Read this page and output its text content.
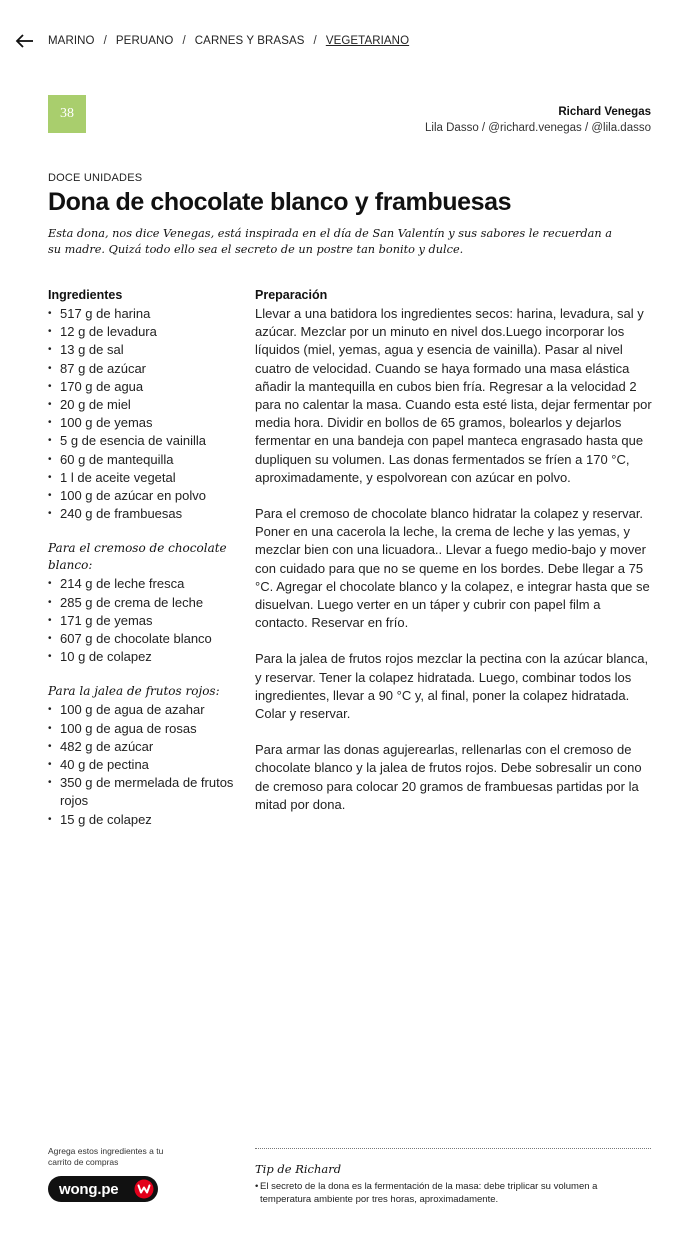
MARINO / PERUANO / CARNES Y BRASAS / VEGETARIANO
38	Richard Venegas
Lila Dasso / @richard.venegas / @lila.dasso
DOCE UNIDADES
Dona de chocolate blanco y frambuesas

Esta dona, nos dice Venegas, está inspirada en el día de San Valentín y sus sabores le recuerdan a su madre. Quizá todo ello sea el secreto de un postre tan bonito y dulce.

Ingredientes
• 517 g de harina
• 12 g de levadura
• 13 g de sal
• 87 g de azúcar
• 170 g de agua
• 20 g de miel
• 100 g de yemas
• 5 g de esencia de vainilla
• 60 g de mantequilla
• 1 l de aceite vegetal
• 100 g de azúcar en polvo
• 240 g de frambuesas
Para el cremoso de chocolate blanco:
• 214 g de leche fresca
• 285 g de crema de leche
• 171 g de yemas
• 607 g de chocolate blanco
• 10 g de colapez
Para la jalea de frutos rojos:
• 100 g de agua de azahar
• 100 g de agua de rosas
• 482 g de azúcar
• 40 g de pectina
• 350 g de mermelada de frutos rojos
• 15 g de colapez
Preparación

Llevar a una batidora los ingredientes secos: harina, levadura, sal y azúcar. Mezclar por un minuto en nivel dos.Luego incorporar los líquidos (miel, yemas, agua y esencia de vainilla). Pasar al nivel cuatro de velocidad. Cuando se haya formado una masa elástica añadir la mantequilla en cubos bien fría. Regresar a la velocidad 2 para no calentar la masa. Cuando esta esté lista, dejar fermentar por media hora. Dividir en bollos de 65 gramos, bolearlos y dejarlos fermentar en una bandeja con papel manteca engrasado hasta que dupliquen su volumen. Las donas fermentados se fríen a 170 °C, aproximadamente, y espolvorean con azúcar en polvo.

Para el cremoso de chocolate blanco hidratar la colapez y reservar. Poner en una cacerola la leche, la crema de leche y las yemas, y mezclar bien con una licuadora.. Llevar a fuego medio-bajo y mover con cuidado para que no se queme en los bordes. Debe llegar a 75 °C. Agregar el chocolate blanco y la colapez, e integrar hasta que se disuelvan. Luego verter en un táper y cubrir con papel film a contacto. Reservar en frío.

Para la jalea de frutos rojos mezclar la pectina con la azúcar blanca, y reservar. Tener la colapez hidratada. Luego, combinar todos los ingredientes, llevar a 90 °C y, al final, poner la colapez hidratada. Colar y reservar.

Para armar las donas agujerearlas, rellenarlas con el cremoso de chocolate blanco y la jalea de frutos rojos. Debe sobresalir un cono de cremoso para colocar 20 gramos de frambuesas partidas por la mitad por dona.

Agrega estos ingredientes a tu carrito de compras
wong.pe
Tip de Richard
• El secreto de la dona es la fermentación de la masa: debe triplicar su volumen a temperatura ambiente por tres horas, aproximadamente.
